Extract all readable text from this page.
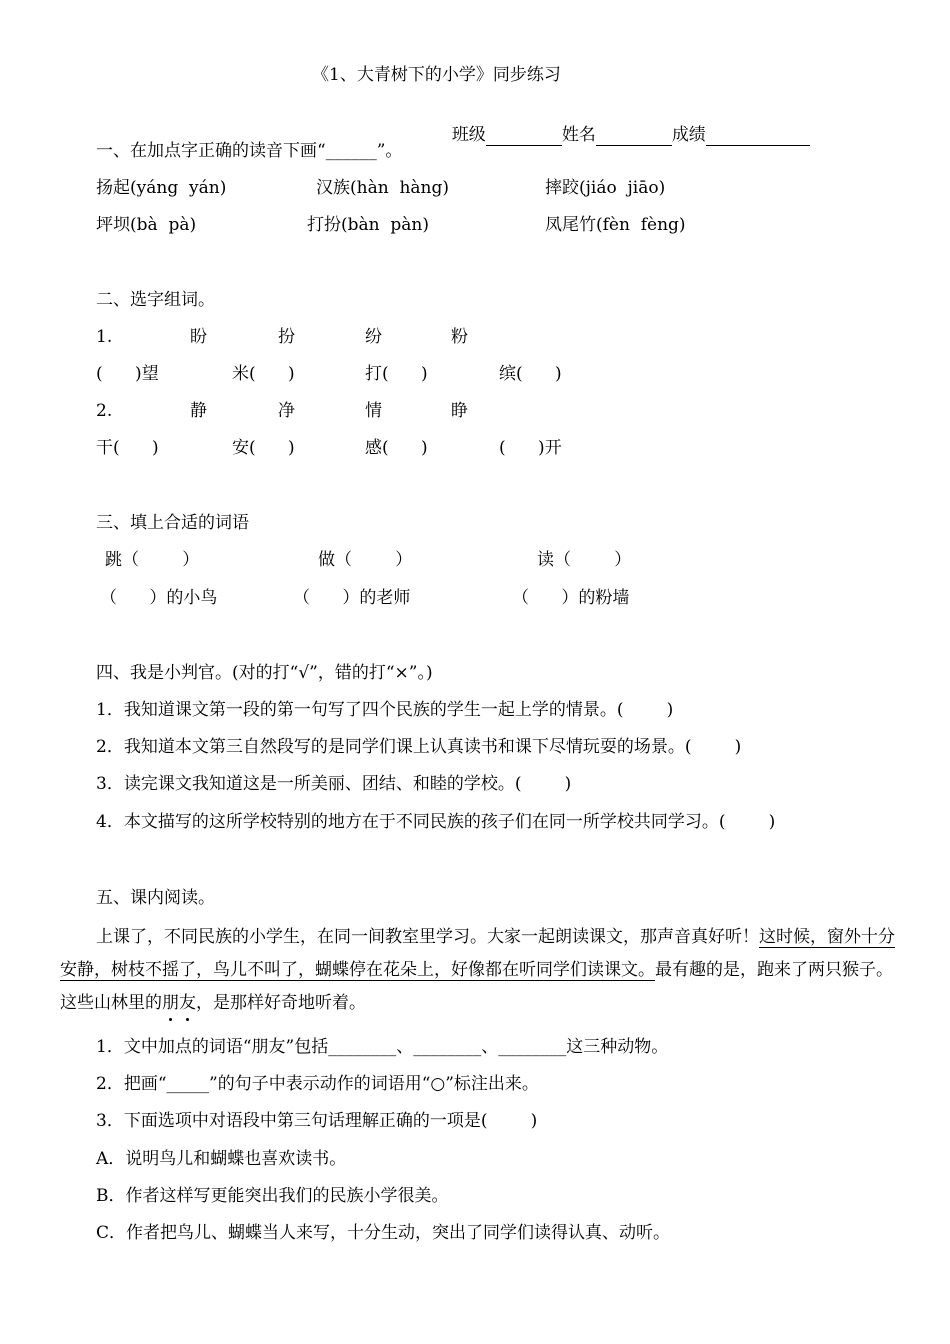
《1、大青树下的小学》同步练习

班级	姓名	成绩

一、在加点字正确的读音下画“______”。
扬起(yáng  yán)	汉族(hàn  hàng)	摔跤(jiáo  jiāo)
坪坝(bà  pà)	打扮(bàn  pàn)	凤尾竹(fèn  fèng)
二、选字组词。
1.	盼	扮	纷	粉
(      )望	米(      )	打(      )	缤(      )
2.	静	净	情	睁
干(      )	安(      )	感(      )	(      )开
三、填上合适的词语
跳（        ）	做（        ）	读（        ）
（      ）的小鸟	（      ）的老师	（      ）的粉墙
四、我是小判官。(对的打“√”，错的打“×”。)
1．我知道课文第一段的第一句写了四个民族的学生一起上学的情景。(        )
2．我知道本文第三自然段写的是同学们课上认真读书和课下尽情玩耍的场景。(        )
3．读完课文我知道这是一所美丽、团结、和睦的学校。(        )
4．本文描写的这所学校特别的地方在于不同民族的孩子们在同一所学校共同学习。(        )
五、课内阅读。
上课了，不同民族的小学生，在同一间教室里学习。大家一起朗读课文，那声音真好听！这时候，窗外十分安静，树枝不摇了，鸟儿不叫了，蝴蝶停在花朵上，好像都在听同学们读课文。最有趣的是，跑来了两只猴子。这些山林里的朋友，是那样好奇地听着。
1．文中加点的词语“朋友”包括________、________、________这三种动物。
2．把画“_____”的句子中表示动作的词语用“○”标注出来。
3．下面选项中对语段中第三句话理解正确的一项是(        )
A．说明鸟儿和蝴蝶也喜欢读书。
B．作者这样写更能突出我们的民族小学很美。
C．作者把鸟儿、蝴蝶当人来写，十分生动，突出了同学们读得认真、动听。
